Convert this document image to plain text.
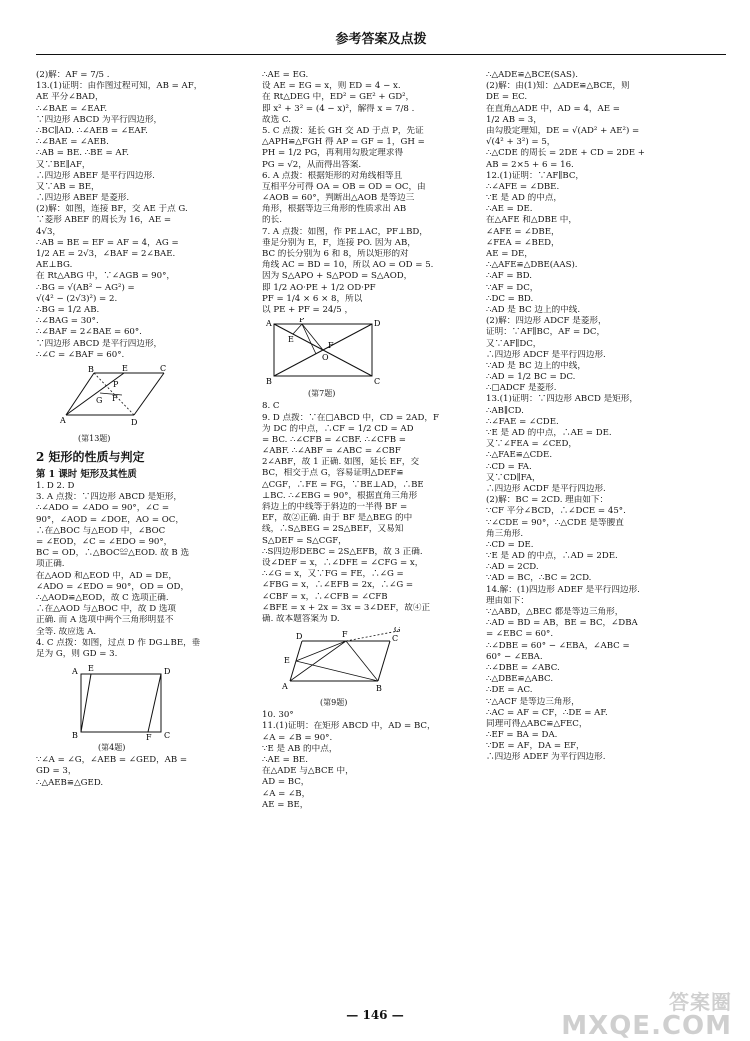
参考答案及点拨
(2)解：AF = 7/5 .
13.(1)证明：由作图过程可知，AB = AF，
AE 平分∠BAD，
∴∠BAE = ∠EAF.
∵四边形 ABCD 为平行四边形，
∴BC∥AD. ∴∠AEB = ∠EAF.
∴∠BAE = ∠AEB.
∴AB = BE. ∴BE = AF.
又∵BE∥AF，
∴四边形 ABEF 是平行四边形.
又∵AB = BE，
∴四边形 ABEF 是菱形.
(2)解：如图，连接 BF，交 AE 于点 G.
∵菱形 ABEF 的周长为 16，AE =
4√3，
∴AB = BE = EF = AF = 4，AG =
1/2 AE = 2√3，∠BAF = 2∠BAE.
AE⊥BG.
在 Rt△ABG 中，∵∠AGB = 90°，
∴BG = √(AB² − AG²) =
√(4² − (2√3)²) = 2.
∴BG = 1/2 AB.
∴∠BAG = 30°.
∴∠BAF = 2∠BAE = 60°.
∵四边形 ABCD 是平行四边形，
∴∠C = ∠BAF = 60°.
B	E	C
A	D
P
G F
(第13题)
2 矩形的性质与判定
第 1 课时 矩形及其性质
1. D 2. D
3. A 点拨：∵四边形 ABCD 是矩形，
∴∠ADO = ∠ADO = 90°，∠C =
90°，∠AOD = ∠DOE，AO = OC，
∴在△BOC 与△EOD 中，∠BOC
= ∠EOD，∠C = ∠EDO = 90°，
BC = OD，∴△BOC≌△EOD. 故 B 选
项正确.
在△AOD 和△EOD 中，AD = DE，
∠ADO = ∠EDO = 90°，OD = OD，
∴△AOD≌△EOD，故 C 选项正确.
∴在△AOD 与△BOC 中，故 D 选项
正确. 而 A 选项中两个三角形明显不
全等. 故应选 A.
4. C 点拨：如图，过点 D 作 DG⊥BE，垂
足为 G，则 GD = 3.
A	D
E
B	F C
(第4题)
∵∠A = ∠G，∠AEB = ∠GED，AB =
GD = 3，
∴△AEB≌△GED.
∴AE = EG.
设 AE = EG = x，则 ED = 4 − x.
在 Rt△DEG 中，ED² = GE² + GD²，
即 x² + 3² = (4 − x)²，解得 x = 7/8 .
故选 C.
5. C 点拨：延长 GH 交 AD 于点 P，先证
△APH≌△FGH 得 AP = GF = 1，GH =
PH = 1/2 PG，再利用勾股定理求得
PG = √2，从而得出答案.
6. A 点拨：根据矩形的对角线相等且
互相平分可得 OA = OB = OD = OC，由
∠AOB = 60°，判断出△AOB 是等边三
角形，根据等边三角形的性质求出 AB
的长.
7. A 点拨：如图，作 PE⊥AC，PF⊥BD，
垂足分别为 E，F，连接 PO. 因为 AB，
BC 的长分别为 6 和 8，所以矩形的对
角线 AC = BD = 10，所以 AO = OD = 5.
因为 S△APO + S△POD = S△AOD，
即 1/2 AO·PE + 1/2 OD·PF
PF = 1/4 × 6 × 8，所以
以 PE + PF = 24/5 ，
A	D
B	C
P
E
O
F
(第7题)
8. C
9. D 点拨：∵在□ABCD 中，CD = 2AD，F
为 DC 的中点，∴CF = 1/2 CD = AD
= BC. ∴∠CFB = ∠CBF. ∴∠CFB =
∠ABF. ∴∠ABF = ∠ABC = ∠CBF
2∠ABF，故 1 正确. 如图，延长 EF，交
BC，相交于点 G，容易证明△DEF≌
△CGF，∴FE = FG，∵BE⊥AD，∴BE
⊥BC. ∴∠EBG = 90°，根据直角三角形
斜边上的中线等于斜边的一半得 BF =
EF，故②正确. 由于 BF 是△BEG 的中
线，∴S△BEG = 2S△BEF，又易知
S△DEF = S△CGF，
∴S四边形DEBC = 2S△EFB，故 3 正确.
设∠DEF = x，∴∠DFE = ∠CFG = x，
∴∠G = x，又∵FG = FE，∴∠G =
∠FBG = x，∴∠EFB = 2x，∴∠G =
∠CBF = x，∴∠CFB = ∠CFB
∠BFE = x + 2x = 3x = 3∠DEF，故④正
确. 故本题答案为 D.
D	F	C
G
E
A	B
(第9题)
10. 30°
11.(1)证明：在矩形 ABCD 中，AD = BC，
∠A = ∠B = 90°.
∵E 是 AB 的中点，
∴AE = BE.
在△ADE 与△BCE 中，
AD = BC，
∠A = ∠B，
AE = BE，
∴△ADE≌△BCE(SAS).
(2)解：由(1)知：△ADE≌△BCE，则
DE = EC.
在直角△ADE 中，AD = 4，AE =
1/2 AB = 3，
由勾股定理知，DE = √(AD² + AE²) =
√(4² + 3²) = 5，
∴△CDE 的周长 = 2DE + CD = 2DE +
AB = 2×5 + 6 = 16.
12.(1)证明：∵AF∥BC，
∴∠AFE = ∠DBE.
∵E 是 AD 的中点，
∴AE = DE.
在△AFE 和△DBE 中，
∠AFE = ∠DBE，
∠FEA = ∠BED，
AE = DE，
∴△AFE≌△DBE(AAS).
∴AF = BD.
∵AF = DC，
∴DC = BD.
∴AD 是 BC 边上的中线.
(2)解：四边形 ADCF 是菱形，
证明：∵AF∥BC，AF = DC，
又∵AF∥DC，
∴四边形 ADCF 是平行四边形.
∵AD 是 BC 边上的中线，
∴AD = 1/2 BC = DC.
∴□ADCF 是菱形.
13.(1)证明：∵四边形 ABCD 是矩形，
∴AB∥CD.
∴∠FAE = ∠CDE.
∵E 是 AD 的中点，∴AE = DE.
又∵∠FEA = ∠CED，
∴△FAE≌△CDE.
∴CD = FA.
又∵CD∥FA，
∴四边形 ACDF 是平行四边形.
(2)解：BC = 2CD. 理由如下：
∵CF 平分∠BCD，∴∠DCE = 45°.
∵∠CDE = 90°，∴△CDE 是等腰直
角三角形.
∴CD = DE.
∵E 是 AD 的中点，∴AD = 2DE.
∴AD = 2CD.
∵AD = BC，∴BC = 2CD.
14.解：(1)四边形 ADEF 是平行四边形.
理由如下：
∵△ABD，△BEC 都是等边三角形，
∴AD = BD = AB，BE = BC，∠DBA
= ∠EBC = 60°.
∴∠DBE = 60° − ∠EBA，∠ABC =
60° − ∠EBA.
∴∠DBE = ∠ABC.
∴△DBE≌△ABC.
∴DE = AC.
∵△ACF 是等边三角形，
∴AC = AF = CF，∴DE = AF.
同理可得△ABC≌△FEC，
∴EF = BA = DA.
∵DE = AF，DA = EF，
∴四边形 ADEF 为平行四边形.
— 146 —
答案圈
MXQE.COM
